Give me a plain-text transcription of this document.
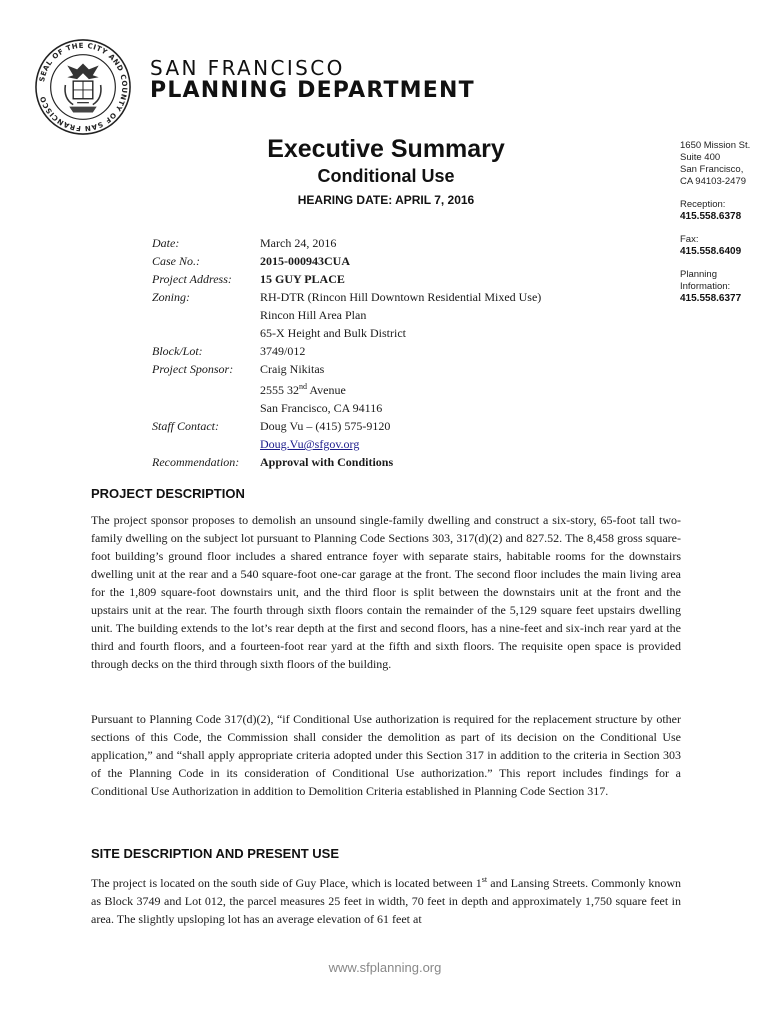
SEAL OF THE CITY AND COUNTY OF SAN FRANCISCO
SAN FRANCISCO
PLANNING DEPARTMENT
1650 Mission St.
Suite 400
San Francisco,
CA 94103-2479
Reception:
415.558.6378
Fax:
415.558.6409
Planning
Information:
415.558.6377
Executive Summary
Conditional Use
HEARING DATE: APRIL 7, 2016
Date:	March 24, 2016
Case No.:	2015-000943CUA
Project Address:	15 GUY PLACE
Zoning:	RH-DTR (Rincon Hill Downtown Residential Mixed Use)
Rincon Hill Area Plan
65-X Height and Bulk District
Block/Lot:	3749/012
Project Sponsor:	Craig Nikitas
2555 32nd Avenue
San Francisco, CA 94116
Staff Contact:	Doug Vu – (415) 575-9120
Doug.Vu@sfgov.org
Recommendation:	Approval with Conditions
PROJECT DESCRIPTION

The project sponsor proposes to demolish an unsound single-family dwelling and construct a six-story, 65-foot tall two-family dwelling on the subject lot pursuant to Planning Code Sections 303, 317(d)(2) and 827.52. The 8,458 gross square-foot building’s ground floor includes a shared entrance foyer with separate stairs, habitable rooms for the downstairs dwelling unit at the rear and a 540 square-foot one-car garage at the front. The second floor includes the main living area for the 1,809 square-foot downstairs unit, and the third floor is split between the downstairs unit at the front and the upstairs unit at the rear. The fourth through sixth floors contain the remainder of the 5,129 square feet upstairs dwelling unit. The building extends to the lot’s rear depth at the first and second floors, has a nine-feet and six-inch rear yard at the third and fourth floors, and a fourteen-foot rear yard at the fifth and sixth floors. The requisite open space is provided through decks on the third through sixth floors of the building.

Pursuant to Planning Code 317(d)(2), “if Conditional Use authorization is required for the replacement structure by other sections of this Code, the Commission shall consider the demolition as part of its decision on the Conditional Use application,” and “shall apply appropriate criteria adopted under this Section 317 in addition to the criteria in Section 303 of the Planning Code in its consideration of Conditional Use authorization.” This report includes findings for a Conditional Use Authorization in addition to Demolition Criteria established in Planning Code Section 317.

SITE DESCRIPTION AND PRESENT USE

The project is located on the south side of Guy Place, which is located between 1st and Lansing Streets. Commonly known as Block 3749 and Lot 012, the parcel measures 25 feet in width, 70 feet in depth and approximately 1,750 square feet in area. The slightly upsloping lot has an average elevation of 61 feet at

www.sfplanning.org
